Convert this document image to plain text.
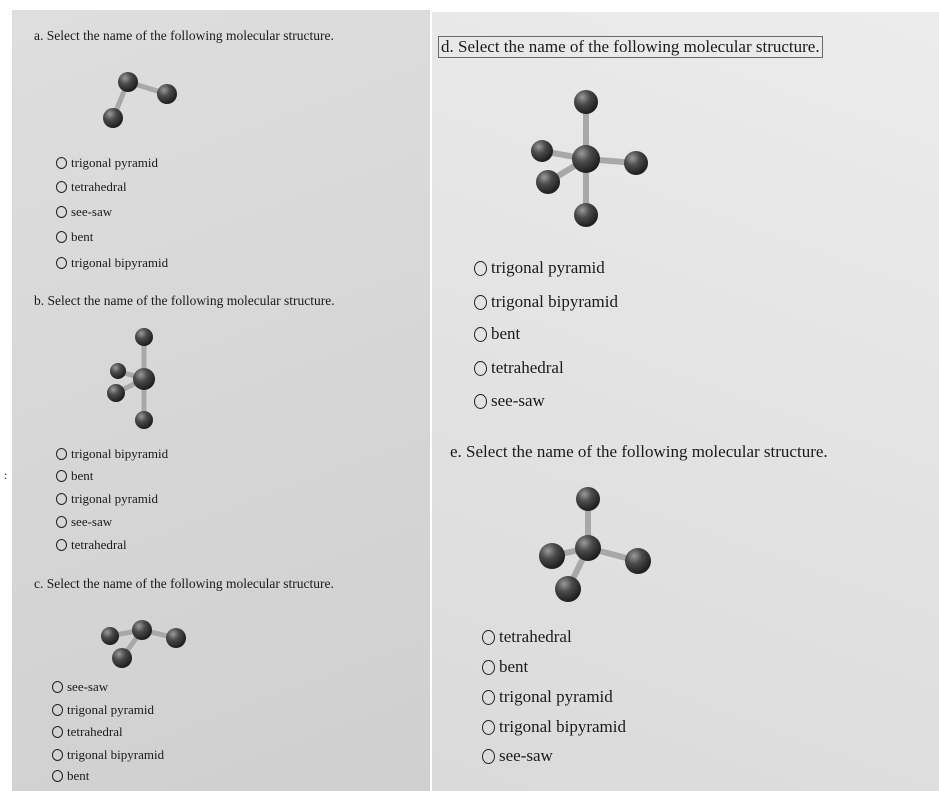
a. Select the name of the following molecular structure.
trigonal pyramid
tetrahedral
see-saw
bent
trigonal bipyramid
b. Select the name of the following molecular structure.
trigonal bipyramid
bent
trigonal pyramid
see-saw
tetrahedral
c. Select the name of the following molecular structure.
see-saw
trigonal pyramid
tetrahedral
trigonal bipyramid
bent
:
d. Select the name of the following molecular structure.
trigonal pyramid
trigonal bipyramid
bent
tetrahedral
see-saw
e. Select the name of the following molecular structure.
tetrahedral
bent
trigonal pyramid
trigonal bipyramid
see-saw
